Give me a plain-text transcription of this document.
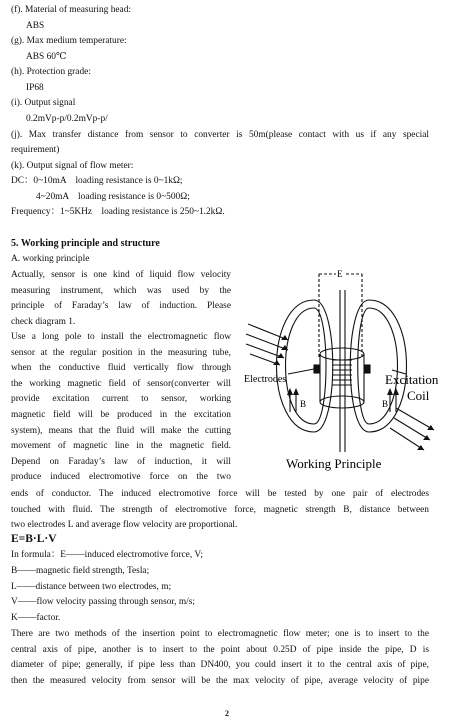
(f). Material of measuring head:
ABS
(g). Max medium temperature:
ABS 60℃
(h). Protection grade:
IP68
(i). Output signal
0.2mVp-p/0.2mVp-p/
(j). Max transfer distance from sensor to converter is 50m(please contact with us if any special
requirement)
(k). Output signal of flow meter:
DC：0~10mA    loading resistance is 0~1kΩ;
4~20mA    loading resistance is 0~500Ω;
Frequency：1~5KHz    loading resistance is 250~1.2kΩ.
5. Working principle and structure
A. working principle
Actually, sensor is one kind of liquid flow velocity
measuring instrument, which was used by the
principle of Faraday’s law of induction. Please
check diagram 1.
Use a long pole to install the electromagnetic flow
sensor at the regular position in the measuring tube,
when the conductive fluid vertically flow through
the working magnetic field of sensor(converter will
provide excitation current to sensor, working
magnetic field will be produced in the excitation
system), means that the fluid will make the cutting
movement of magnetic line in the magnetic field.
Depend on Faraday’s law of induction, it will
produce induced electromotive force on the two
ends of conductor. The induced electromotive force will be tested by one pair of electrodes
touched with fluid. The strength of electromotive force, magnetic strength B, distance between
two electrodes L and average flow velocity are proportional.
E=B·L·V
In formula：E——induced electromotive force, V;
B——magnetic field strength, Tesla;
L——distance between two electrodes, m;
V——flow velocity passing through sensor, m/s;
K——factor.
There are two methods of the insertion point to electromagnetic flow meter; one is to insert to the
central axis of pipe, another is to insert to the point about 0.25D of pipe inside the pipe, D is
diameter of pipe; generally, if pipe less than DN400, you could insert it to the central axis of pipe,
then the measured velocity from sensor will be the max velocity of pipe, average velocity of pipe
E
Electrodes	Excitation
Coil
B	B
Working Principle
2
